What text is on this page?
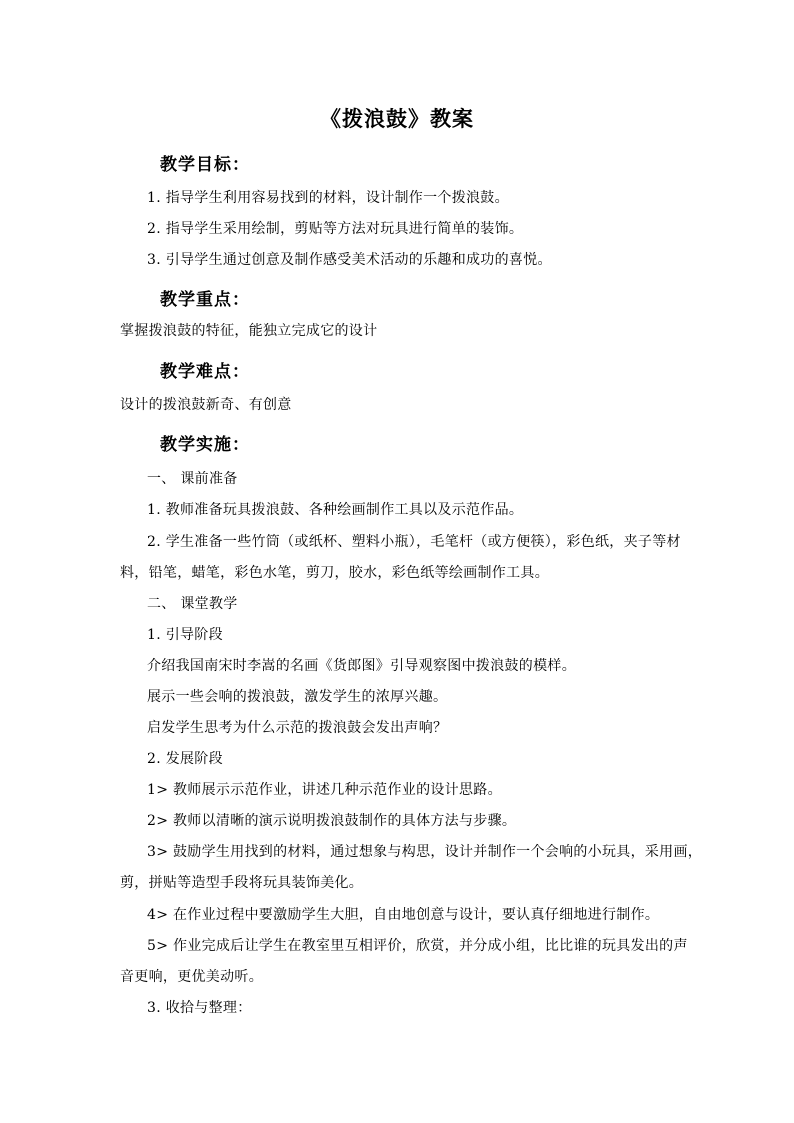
《拨浪鼓》教案
教学目标：

1. 指导学生利用容易找到的材料，设计制作一个拨浪鼓。

2. 指导学生采用绘制，剪贴等方法对玩具进行简单的装饰。

3. 引导学生通过创意及制作感受美术活动的乐趣和成功的喜悦。

教学重点：

掌握拨浪鼓的特征，能独立完成它的设计

教学难点：

设计的拨浪鼓新奇、有创意

教学实施：

一、 课前准备

1. 教师准备玩具拨浪鼓、各种绘画制作工具以及示范作品。

2. 学生准备一些竹筒（或纸杯、塑料小瓶），毛笔杆（或方便筷），彩色纸，夹子等材

料，铅笔，蜡笔，彩色水笔，剪刀，胶水，彩色纸等绘画制作工具。

二、 课堂教学

1. 引导阶段

介绍我国南宋时李嵩的名画《货郎图》引导观察图中拨浪鼓的模样。

展示一些会响的拨浪鼓，激发学生的浓厚兴趣。

启发学生思考为什么示范的拨浪鼓会发出声响？

2. 发展阶段

1> 教师展示示范作业，讲述几种示范作业的设计思路。

2> 教师以清晰的演示说明拨浪鼓制作的具体方法与步骤。

3> 鼓励学生用找到的材料，通过想象与构思，设计并制作一个会响的小玩具，采用画，

剪，拼贴等造型手段将玩具装饰美化。

4> 在作业过程中要激励学生大胆，自由地创意与设计，要认真仔细地进行制作。

5> 作业完成后让学生在教室里互相评价，欣赏，并分成小组，比比谁的玩具发出的声

音更响，更优美动听。

3. 收拾与整理：
